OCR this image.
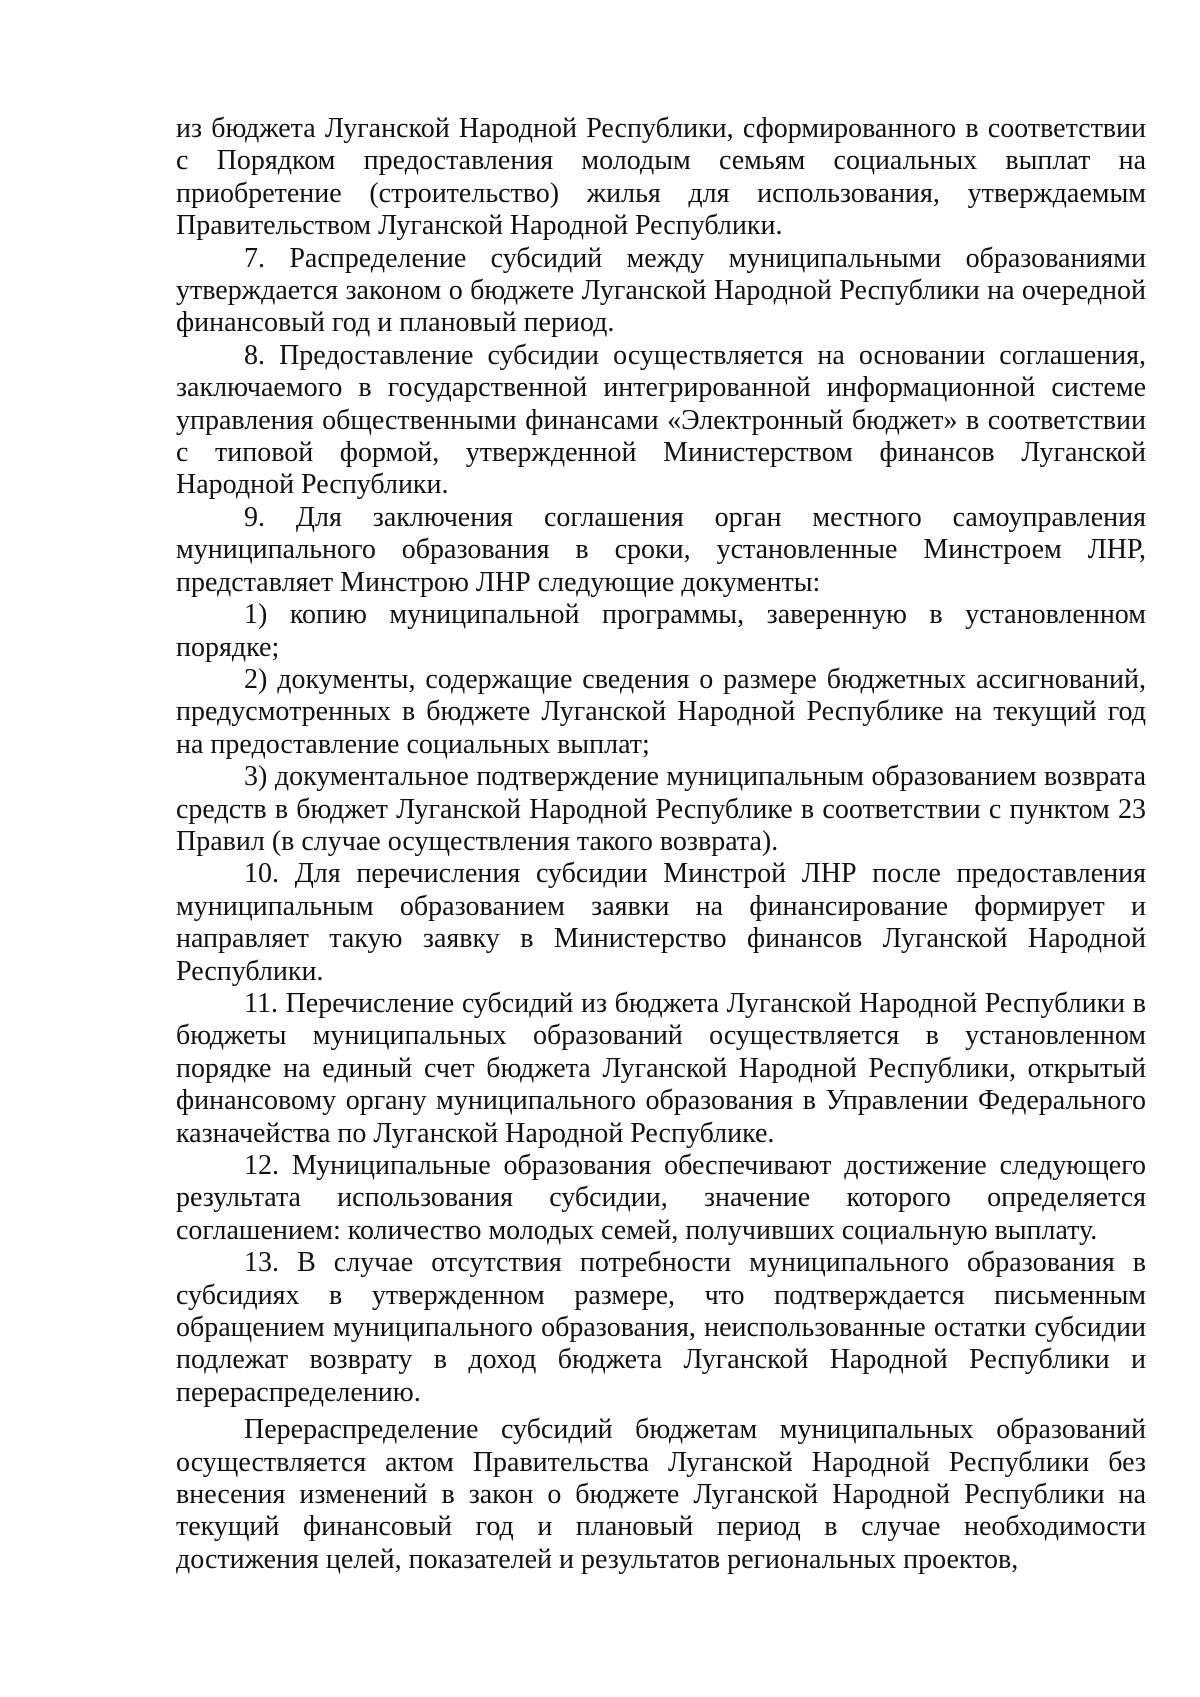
из бюджета Луганской Народной Республики, сформированного в соответствии с Порядком предоставления молодым семьям социальных выплат на приобретение (строительство) жилья для использования, утверждаемым Правительством Луганской Народной Республики.

7. Распределение субсидий между муниципальными образованиями утверждается законом о бюджете Луганской Народной Республики на очередной финансовый год и плановый период.

8. Предоставление субсидии осуществляется на основании соглашения, заключаемого в государственной интегрированной информационной системе управления общественными финансами «Электронный бюджет» в соответствии с типовой формой, утвержденной Министерством финансов Луганской Народной Республики.

9. Для заключения соглашения орган местного самоуправления муниципального образования в сроки, установленные Минстроем ЛНР, представляет Минстрою ЛНР следующие документы:

1) копию муниципальной программы, заверенную в установленном порядке;

2) документы, содержащие сведения о размере бюджетных ассигнований, предусмотренных в бюджете Луганской Народной Республике на текущий год на предоставление социальных выплат;

3) документальное подтверждение муниципальным образованием возврата средств в бюджет Луганской Народной Республике в соответствии с пунктом 23 Правил (в случае осуществления такого возврата).

10. Для перечисления субсидии Минстрой ЛНР после предоставления муниципальным образованием заявки на финансирование формирует и направляет такую заявку в Министерство финансов Луганской Народной Республики.

11. Перечисление субсидий из бюджета Луганской Народной Республики в бюджеты муниципальных образований осуществляется в установленном порядке на единый счет бюджета Луганской Народной Республики, открытый финансовому органу муниципального образования в Управлении Федерального казначейства по Луганской Народной Республике.

12. Муниципальные образования обеспечивают достижение следующего результата использования субсидии, значение которого определяется соглашением: количество молодых семей, получивших социальную выплату.

13. В случае отсутствия потребности муниципального образования в субсидиях в утвержденном размере, что подтверждается письменным обращением муниципального образования, неиспользованные остатки субсидии подлежат возврату в доход бюджета Луганской Народной Республики и перераспределению.

Перераспределение субсидий бюджетам муниципальных образований осуществляется актом Правительства Луганской Народной Республики без внесения изменений в закон о бюджете Луганской Народной Республики на текущий финансовый год и плановый период в случае необходимости достижения целей, показателей и результатов региональных проектов,
